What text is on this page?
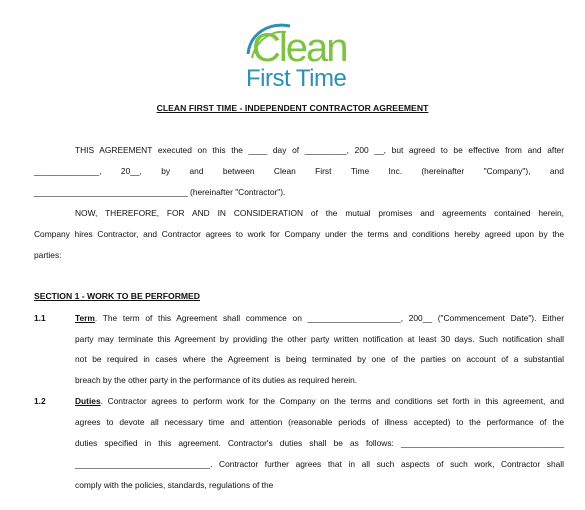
Clean
First Time
CLEAN FIRST TIME - INDEPENDENT CONTRACTOR AGREEMENT
THIS AGREEMENT executed on this the ____ day of _________, 200 __, but agreed to be effective from and after
______________, 20__, by and between Clean First Time Inc. (hereinafter "Company"), and
_________________________________ (hereinafter "Contractor").
NOW, THEREFORE, FOR AND IN CONSIDERATION of the mutual promises and agreements contained herein,
Company hires Contractor, and Contractor agrees to work for Company under the terms and conditions hereby agreed upon by the
parties:
SECTION 1 - WORK TO BE PERFORMED
1.1	Term. The term of this Agreement shall commence on ____________________, 200__ ("Commencement Date"). Either
party may terminate this Agreement by providing the other party written notification at least 30 days. Such notification shall
not be required in cases where the Agreement is being terminated by one of the parties on account of a substantial
breach by the other party in the performance of its duties as required herein.
1.2	Duties. Contractor agrees to perform work for the Company on the terms and conditions set forth in this agreement, and
agrees to devote all necessary time and attention (reasonable periods of illness accepted) to the performance of the
duties specified in this agreement. Contractor's duties shall be as follows: ___________________________________
_____________________________. Contractor further agrees that in all such aspects of such work, Contractor shall
comply with the policies, standards, regulations of the
